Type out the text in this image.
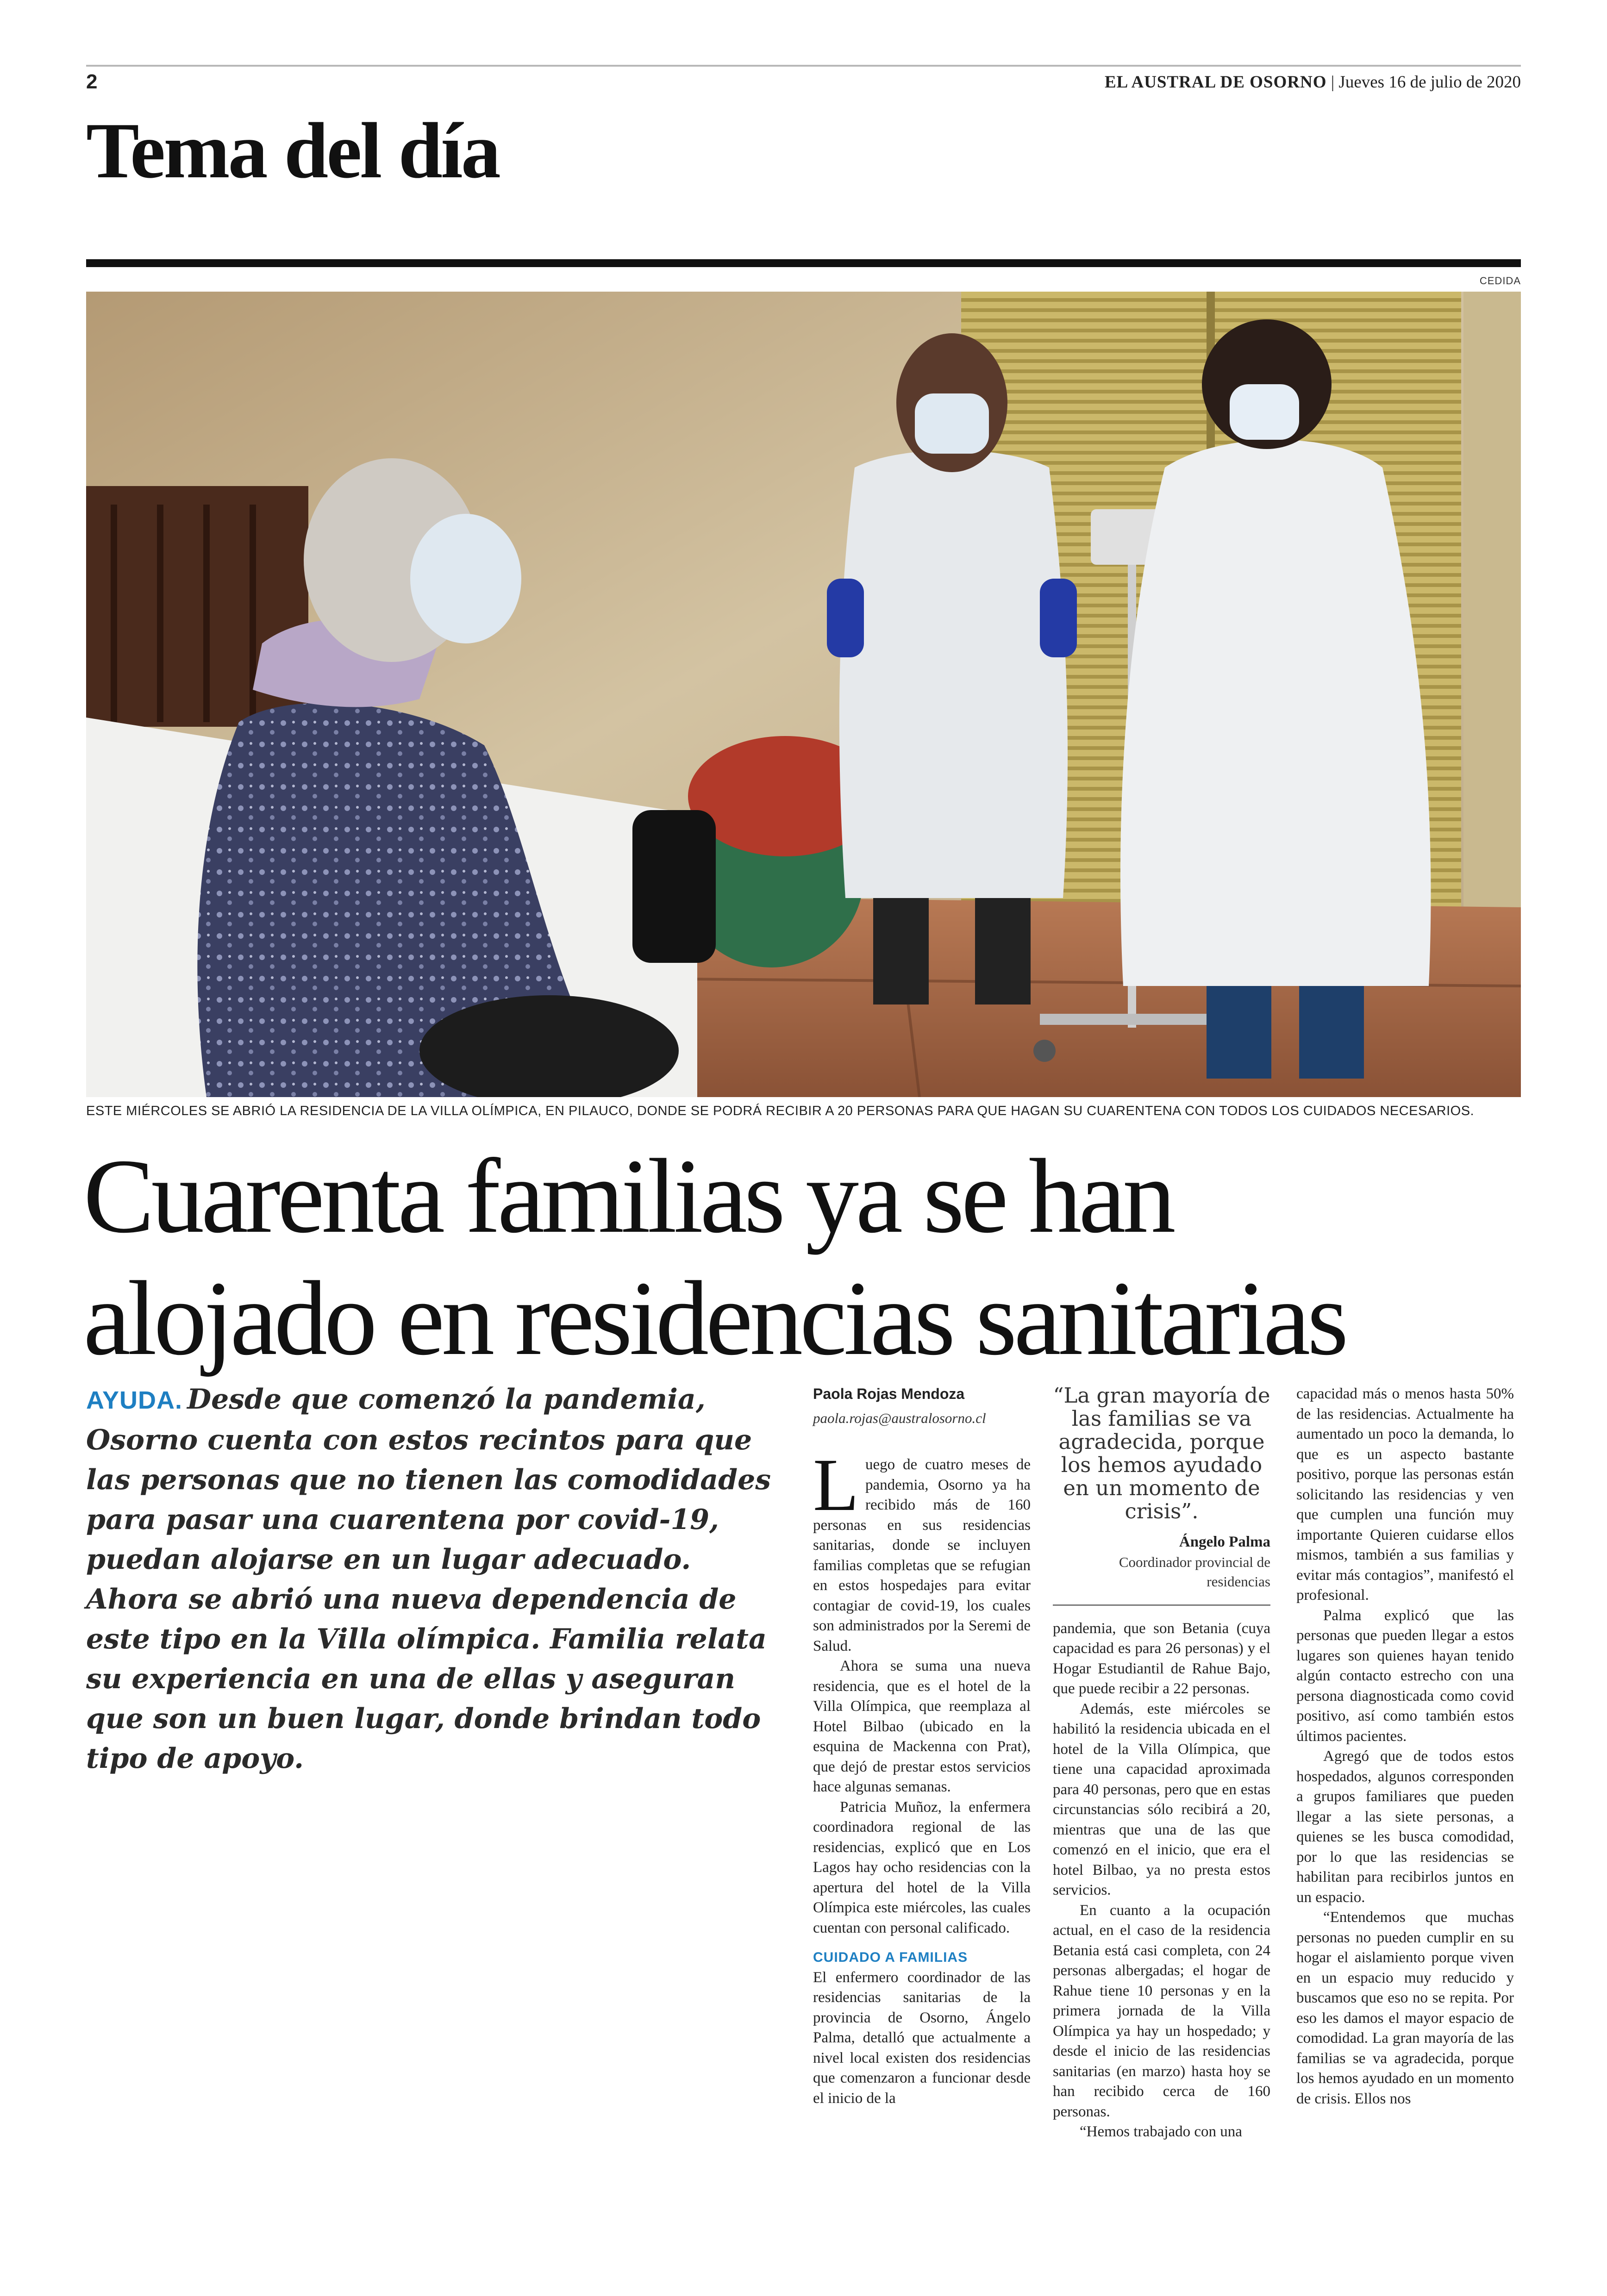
2	EL AUSTRAL DE OSORNO | Jueves 16 de julio de 2020
Tema del día
CEDIDA
ESTE MIÉRCOLES SE ABRIÓ LA RESIDENCIA DE LA VILLA OLÍMPICA, EN PILAUCO, DONDE SE PODRÁ RECIBIR A 20 PERSONAS PARA QUE HAGAN SU CUARENTENA CON TODOS LOS CUIDADOS NECESARIOS.
Cuarenta familias ya se han
alojado en residencias sanitarias
AYUDA. Desde que comenzó la pandemia, Osorno cuenta con estos recintos para que las personas que no tienen las comodidades para pasar una cuarentena por covid-19, puedan alojarse en un lugar adecuado. Ahora se abrió una nueva dependencia de este tipo en la Villa olímpica. Familia relata su experiencia en una de ellas y aseguran que son un buen lugar, donde brindan todo tipo de apoyo.
Paola Rojas Mendoza
paola.rojas@australosorno.cl

Luego de cuatro meses de pandemia, Osorno ya ha recibido más de 160 personas en sus residencias sanitarias, donde se incluyen familias completas que se refugian en estos hospedajes para evitar contagiar de covid-19, los cuales son administrados por la Seremi de Salud.

Ahora se suma una nueva residencia, que es el hotel de la Villa Olímpica, que reemplaza al Hotel Bilbao (ubicado en la esquina de Mackenna con Prat), que dejó de prestar estos servicios hace algunas semanas.

Patricia Muñoz, la enfermera coordinadora regional de las residencias, explicó que en Los Lagos hay ocho residencias con la apertura del hotel de la Villa Olímpica este miércoles, las cuales cuentan con personal calificado.

CUIDADO A FAMILIAS

El enfermero coordinador de las residencias sanitarias de la provincia de Osorno, Ángelo Palma, detalló que actualmente a nivel local existen dos residencias que comenzaron a funcionar desde el inicio de la

“La gran mayoría de las familias se va agradecida, porque los hemos ayudado en un momento de crisis”.
Ángelo Palma
Coordinador provincial de residencias

pandemia, que son Betania (cuya capacidad es para 26 personas) y el Hogar Estudiantil de Rahue Bajo, que puede recibir a 22 personas.

Además, este miércoles se habilitó la residencia ubicada en el hotel de la Villa Olímpica, que tiene una capacidad aproximada para 40 personas, pero que en estas circunstancias sólo recibirá a 20, mientras que una de las que comenzó en el inicio, que era el hotel Bilbao, ya no presta estos servicios.

En cuanto a la ocupación actual, en el caso de la residencia Betania está casi completa, con 24 personas albergadas; el hogar de Rahue tiene 10 personas y en la primera jornada de la Villa Olímpica ya hay un hospedado; y desde el inicio de las residencias sanitarias (en marzo) hasta hoy se han recibido cerca de 160 personas.

“Hemos trabajado con una

capacidad más o menos hasta 50% de las residencias. Actualmente ha aumentado un poco la demanda, lo que es un aspecto bastante positivo, porque las personas están solicitando las residencias y ven que cumplen una función muy importante Quieren cuidarse ellos mismos, también a sus familias y evitar más contagios”, manifestó el profesional.

Palma explicó que las personas que pueden llegar a estos lugares son quienes hayan tenido algún contacto estrecho con una persona diagnosticada como covid positivo, así como también estos últimos pacientes.

Agregó que de todos estos hospedados, algunos corresponden a grupos familiares que pueden llegar a las siete personas, a quienes se les busca comodidad, por lo que las residencias se habilitan para recibirlos juntos en un espacio.

“Entendemos que muchas personas no pueden cumplir en su hogar el aislamiento porque viven en un espacio muy reducido y buscamos que eso no se repita. Por eso les damos el mayor espacio de comodidad. La gran mayoría de las familias se va agradecida, porque los hemos ayudado en un momento de crisis. Ellos nos
